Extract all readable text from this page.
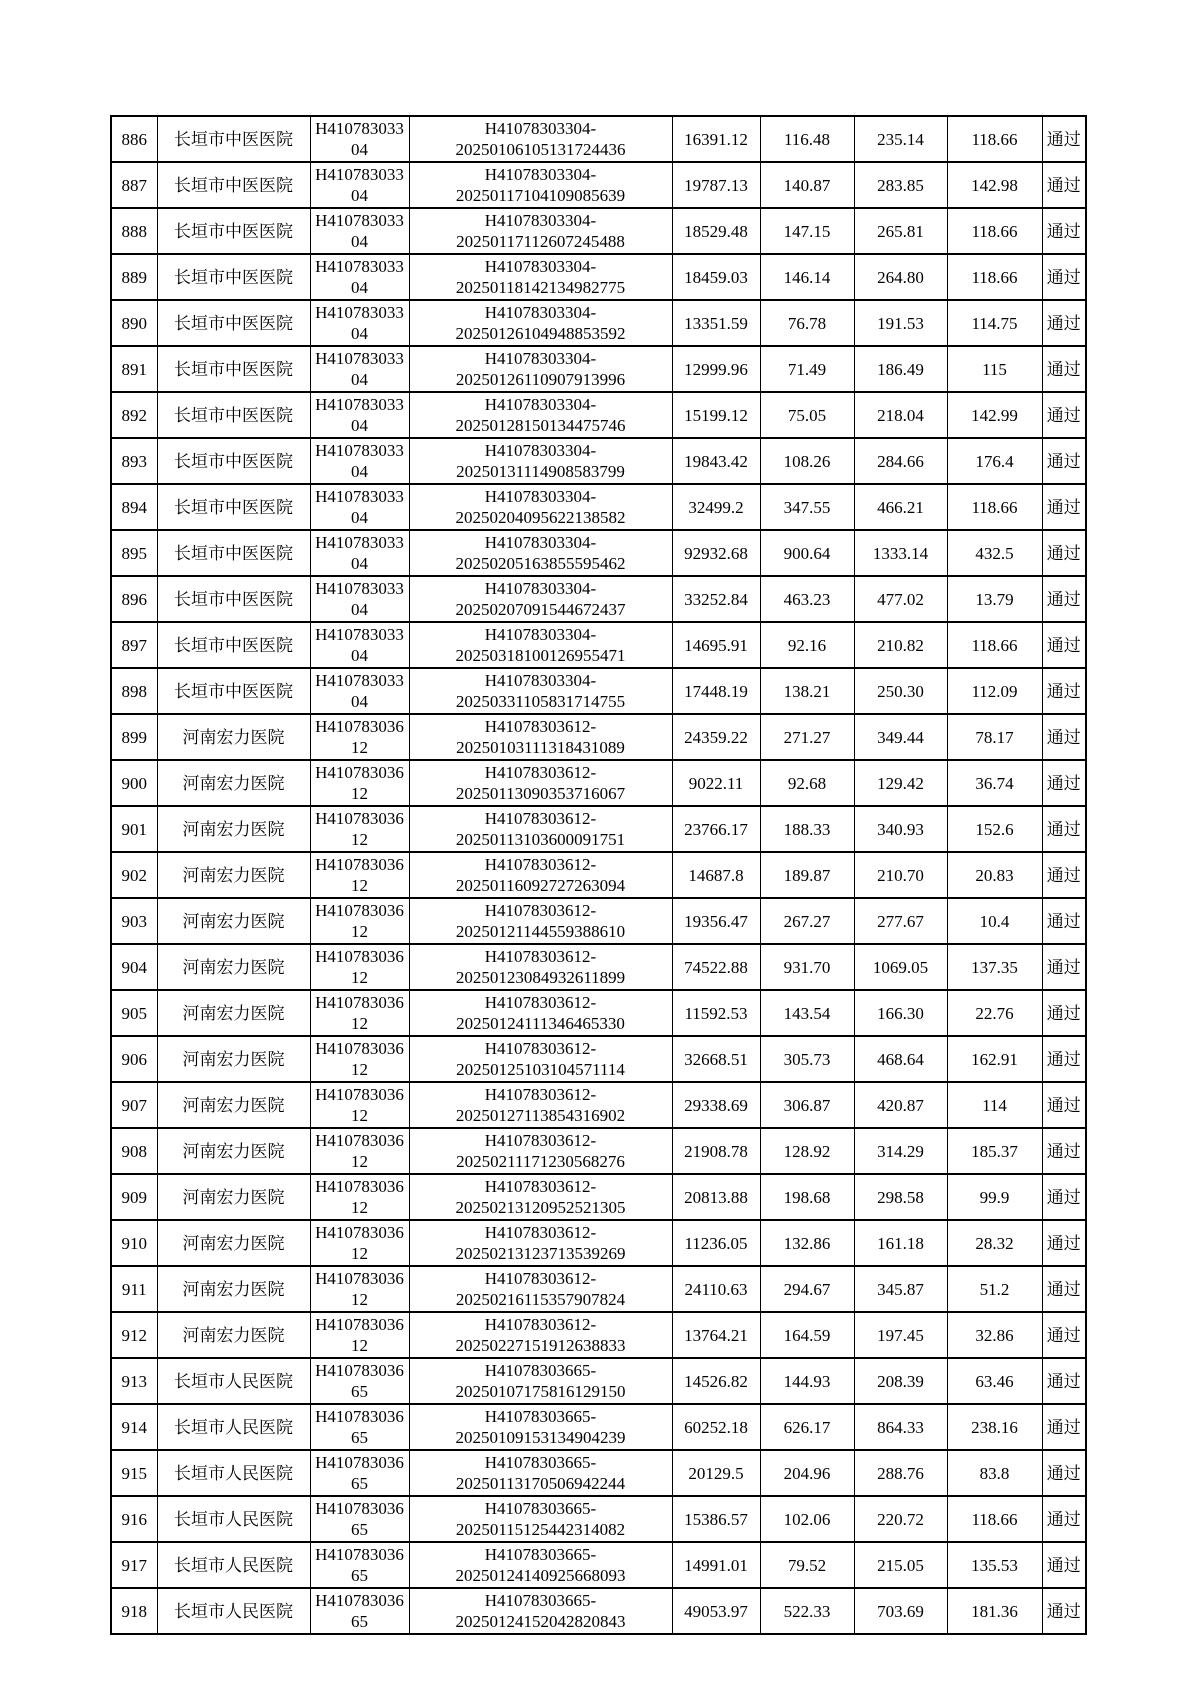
886	长垣市中医医院	H41078303304	H41078303304-20250106105131724436	16391.12	116.48	235.14	118.66	通过
887	长垣市中医医院	H41078303304	H41078303304-20250117104109085639	19787.13	140.87	283.85	142.98	通过
888	长垣市中医医院	H41078303304	H41078303304-20250117112607245488	18529.48	147.15	265.81	118.66	通过
889	长垣市中医医院	H41078303304	H41078303304-20250118142134982775	18459.03	146.14	264.80	118.66	通过
890	长垣市中医医院	H41078303304	H41078303304-20250126104948853592	13351.59	76.78	191.53	114.75	通过
891	长垣市中医医院	H41078303304	H41078303304-20250126110907913996	12999.96	71.49	186.49	115	通过
892	长垣市中医医院	H41078303304	H41078303304-20250128150134475746	15199.12	75.05	218.04	142.99	通过
893	长垣市中医医院	H41078303304	H41078303304-20250131114908583799	19843.42	108.26	284.66	176.4	通过
894	长垣市中医医院	H41078303304	H41078303304-20250204095622138582	32499.2	347.55	466.21	118.66	通过
895	长垣市中医医院	H41078303304	H41078303304-20250205163855595462	92932.68	900.64	1333.14	432.5	通过
896	长垣市中医医院	H41078303304	H41078303304-20250207091544672437	33252.84	463.23	477.02	13.79	通过
897	长垣市中医医院	H41078303304	H41078303304-20250318100126955471	14695.91	92.16	210.82	118.66	通过
898	长垣市中医医院	H41078303304	H41078303304-20250331105831714755	17448.19	138.21	250.30	112.09	通过
899	河南宏力医院	H41078303612	H41078303612-20250103111318431089	24359.22	271.27	349.44	78.17	通过
900	河南宏力医院	H41078303612	H41078303612-20250113090353716067	9022.11	92.68	129.42	36.74	通过
901	河南宏力医院	H41078303612	H41078303612-20250113103600091751	23766.17	188.33	340.93	152.6	通过
902	河南宏力医院	H41078303612	H41078303612-20250116092727263094	14687.8	189.87	210.70	20.83	通过
903	河南宏力医院	H41078303612	H41078303612-20250121144559388610	19356.47	267.27	277.67	10.4	通过
904	河南宏力医院	H41078303612	H41078303612-20250123084932611899	74522.88	931.70	1069.05	137.35	通过
905	河南宏力医院	H41078303612	H41078303612-20250124111346465330	11592.53	143.54	166.30	22.76	通过
906	河南宏力医院	H41078303612	H41078303612-20250125103104571114	32668.51	305.73	468.64	162.91	通过
907	河南宏力医院	H41078303612	H41078303612-20250127113854316902	29338.69	306.87	420.87	114	通过
908	河南宏力医院	H41078303612	H41078303612-20250211171230568276	21908.78	128.92	314.29	185.37	通过
909	河南宏力医院	H41078303612	H41078303612-20250213120952521305	20813.88	198.68	298.58	99.9	通过
910	河南宏力医院	H41078303612	H41078303612-20250213123713539269	11236.05	132.86	161.18	28.32	通过
911	河南宏力医院	H41078303612	H41078303612-20250216115357907824	24110.63	294.67	345.87	51.2	通过
912	河南宏力医院	H41078303612	H41078303612-20250227151912638833	13764.21	164.59	197.45	32.86	通过
913	长垣市人民医院	H41078303665	H41078303665-20250107175816129150	14526.82	144.93	208.39	63.46	通过
914	长垣市人民医院	H41078303665	H41078303665-20250109153134904239	60252.18	626.17	864.33	238.16	通过
915	长垣市人民医院	H41078303665	H41078303665-20250113170506942244	20129.5	204.96	288.76	83.8	通过
916	长垣市人民医院	H41078303665	H41078303665-20250115125442314082	15386.57	102.06	220.72	118.66	通过
917	长垣市人民医院	H41078303665	H41078303665-20250124140925668093	14991.01	79.52	215.05	135.53	通过
918	长垣市人民医院	H41078303665	H41078303665-20250124152042820843	49053.97	522.33	703.69	181.36	通过
